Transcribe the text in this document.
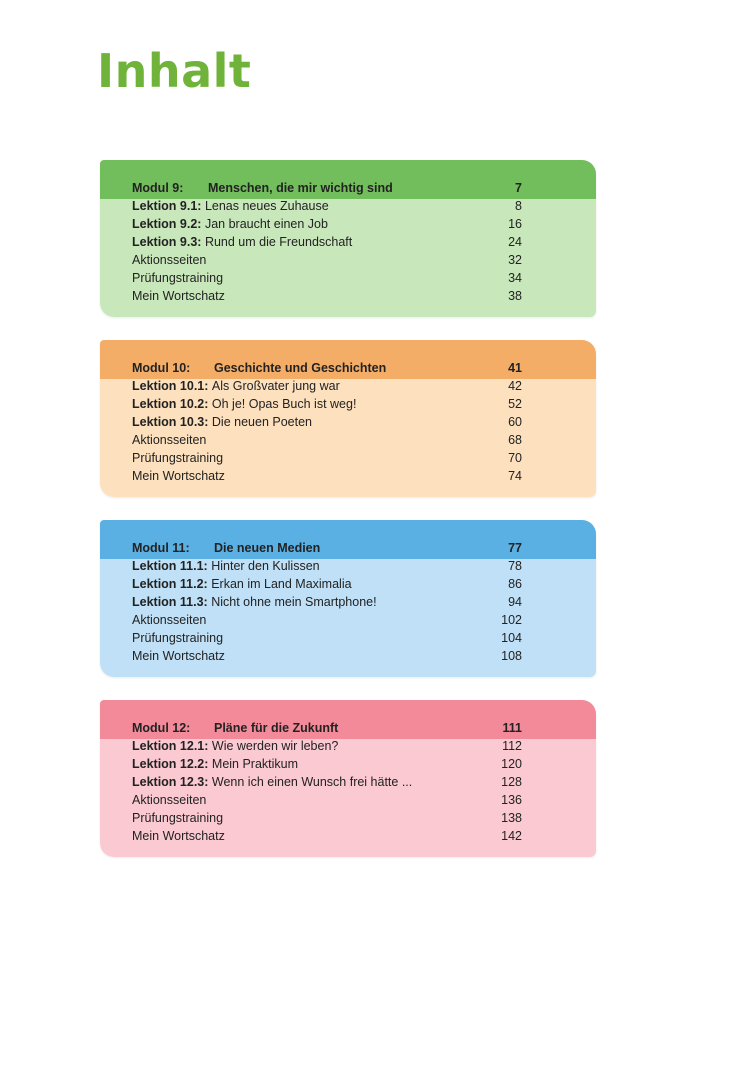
Inhalt
Modul 9: Menschen, die mir wichtig sind	7
Lektion 9.1: Lenas neues Zuhause	8
Lektion 9.2: Jan braucht einen Job	16
Lektion 9.3: Rund um die Freundschaft	24
Aktionsseiten	32
Prüfungstraining	34
Mein Wortschatz	38
Modul 10: Geschichte und Geschichten	41
Lektion 10.1: Als Großvater jung war	42
Lektion 10.2: Oh je! Opas Buch ist weg!	52
Lektion 10.3: Die neuen Poeten	60
Aktionsseiten	68
Prüfungstraining	70
Mein Wortschatz	74
Modul 11: Die neuen Medien	77
Lektion 11.1: Hinter den Kulissen	78
Lektion 11.2: Erkan im Land Maximalia	86
Lektion 11.3: Nicht ohne mein Smartphone!	94
Aktionsseiten	102
Prüfungstraining	104
Mein Wortschatz	108
Modul 12: Pläne für die Zukunft	111
Lektion 12.1: Wie werden wir leben?	112
Lektion 12.2: Mein Praktikum	120
Lektion 12.3: Wenn ich einen Wunsch frei hätte ...	128
Aktionsseiten	136
Prüfungstraining	138
Mein Wortschatz	142
